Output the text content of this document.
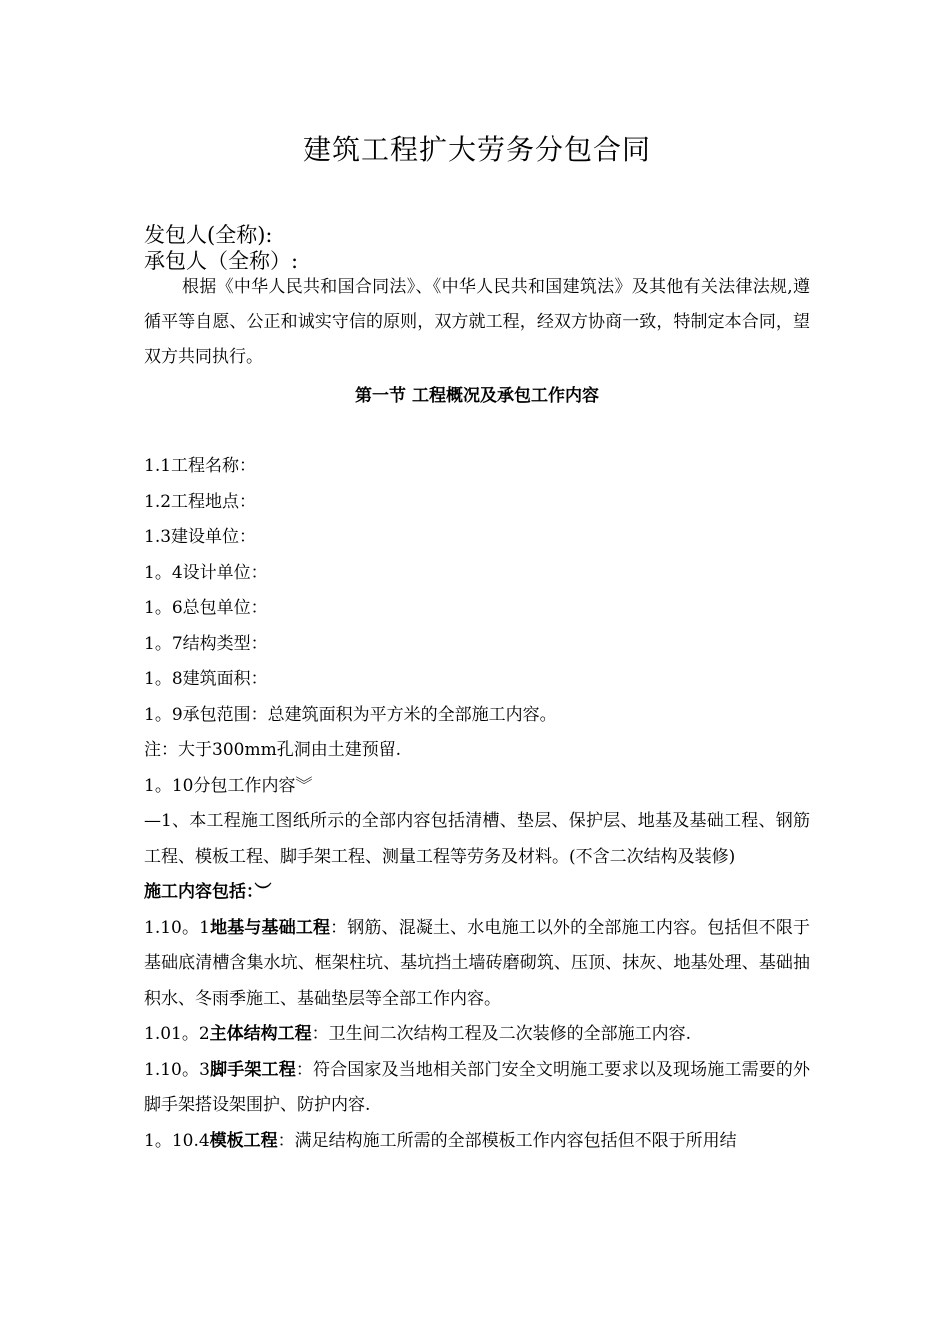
建筑工程扩大劳务分包合同
发包人(全称):
承包人（全称）:

根据《中华人民共和国合同法》、《中华人民共和国建筑法》及其他有关法律法规,遵循平等自愿、公正和诚实守信的原则，双方就工程，经双方协商一致，特制定本合同，望双方共同执行。

第一节 工程概况及承包工作内容

1.1工程名称：

1.2工程地点：

1.3建设单位：

1。4设计单位：

1。6总包单位：

1。7结构类型：

1。8建筑面积：

1。9承包范围：总建筑面积为平方米的全部施工内容。

注：大于300mm孔洞由土建预留.

1。10分包工作内容︾

—1、本工程施工图纸所示的全部内容包括清槽、垫层、保护层、地基及基础工程、钢筋工程、模板工程、脚手架工程、测量工程等劳务及材料。(不含二次结构及装修)

施工内容包括：︶

1.10。1地基与基础工程：钢筋、混凝土、水电施工以外的全部施工内容。包括但不限于基础底清槽含集水坑、框架柱坑、基坑挡土墙砖磨砌筑、压顶、抹灰、地基处理、基础抽积水、冬雨季施工、基础垫层等全部工作内容。

1.01。2主体结构工程：卫生间二次结构工程及二次装修的全部施工内容.

1.10。3脚手架工程：符合国家及当地相关部门安全文明施工要求以及现场施工需要的外脚手架搭设架围护、防护内容.

1。10.4模板工程：满足结构施工所需的全部模板工作内容包括但不限于所用结
